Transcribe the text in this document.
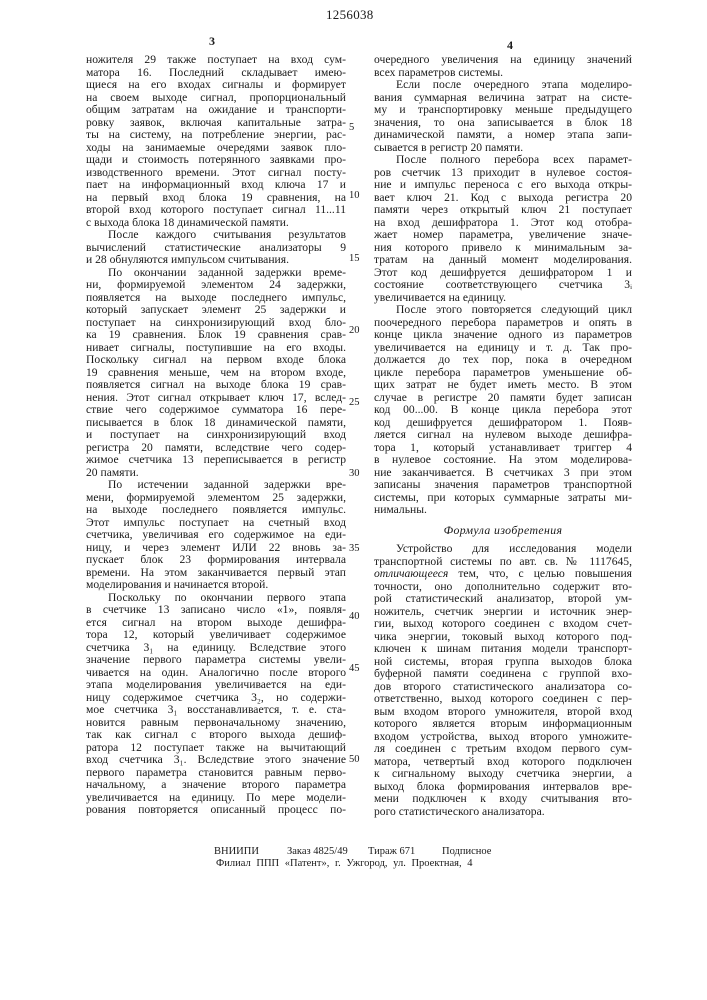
1256038
3	4
ножителя 29 также поступает на вход сум-
матора 16. Последний складывает имею-
щиеся на его входах сигналы и формирует
на своем выходе сигнал, пропорциональный
общим затратам на ожидание и транспорти-
ровку заявок, включая капитальные затра-
ты на систему, на потребление энергии, рас-
ходы на занимаемые очередями заявок пло-
щади и стоимость потерянного заявками про-
изводственного времени. Этот сигнал посту-
пает на информационный вход ключа 17 и
на первый вход блока 19 сравнения, на
второй вход которого поступает сигнал 11...11
с выхода блока 18 динамической памяти.
После каждого считывания результатов
вычислений статистические анализаторы 9
и 28 обнуляются импульсом считывания.
По окончании заданной задержки време-
ни, формируемой элементом 24 задержки,
появляется на выходе последнего импульс,
который запускает элемент 25 задержки и
поступает на синхронизирующий вход бло-
ка 19 сравнения. Блок 19 сравнения срав-
нивает сигналы, поступившие на его входы.
Поскольку сигнал на первом входе блока
19 сравнения меньше, чем на втором входе,
появляется сигнал на выходе блока 19 срав-
нения. Этот сигнал открывает ключ 17, вслед-
ствие чего содержимое сумматора 16 пере-
писывается в блок 18 динамической памяти,
и поступает на синхронизирующий вход
регистра 20 памяти, вследствие чего содер-
жимое счетчика 13 переписывается в регистр
20 памяти.
По истечении заданной задержки вре-
мени, формируемой элементом 25 задержки,
на выходе последнего появляется импульс.
Этот импульс поступает на счетный вход
счетчика, увеличивая его содержимое на еди-
ницу, и через элемент ИЛИ 22 вновь за-
пускает блок 23 формирования интервала
времени. На этом заканчивается первый этап
моделирования и начинается второй.
Поскольку по окончании первого этапа
в счетчике 13 записано число «1», появля-
ется сигнал на втором выходе дешифра-
тора 12, который увеличивает содержимое
счетчика 3₁ на единицу. Вследствие этого
значение первого параметра системы увели-
чивается на один. Аналогично после второго
этапа моделирования увеличивается на еди-
ницу содержимое счетчика 3₂, но содержи-
мое счетчика 3₁ восстанавливается, т. е. ста-
новится равным первоначальному значению,
так как сигнал с второго выхода дешиф-
ратора 12 поступает также на вычитающий
вход счетчика 3₁. Вследствие этого значение
первого параметра становится равным перво-
начальному, а значение второго параметра
увеличивается на единицу. По мере модели-
рования повторяется описанный процесс по-
очередного увеличения на единицу значений
всех параметров системы.
Если после очередного этапа моделиро-
вания суммарная величина затрат на систе-
му и транспортировку меньше предыдущего
значения, то она записывается в блок 18
динамической памяти, а номер этапа запи-
сывается в регистр 20 памяти.
После полного перебора всех парамет-
ров счетчик 13 приходит в нулевое состоя-
ние и импульс переноса с его выхода откры-
вает ключ 21. Код с выхода регистра 20
памяти через открытый ключ 21 поступает
на вход дешифратора 1. Этот код отобра-
жает номер параметра, увеличение значе-
ния которого привело к минимальным за-
тратам на данный момент моделирования.
Этот код дешифруется дешифратором 1 и
состояние соответствующего счетчика 3ᵢ
увеличивается на единицу.
После этого повторяется следующий цикл
поочередного перебора параметров и опять в
конце цикла значение одного из параметров
увеличивается на единицу и т. д. Так про-
должается до тех пор, пока в очередном
цикле перебора параметров уменьшение об-
щих затрат не будет иметь место. В этом
случае в регистре 20 памяти будет записан
код 00...00. В конце цикла перебора этот
код дешифруется дешифратором 1. Появ-
ляется сигнал на нулевом выходе дешифра-
тора 1, который устанавливает триггер 4
в нулевое состояние. На этом моделирова-
ние заканчивается. В счетчиках 3 при этом
записаны значения параметров транспортной
системы, при которых суммарные затраты ми-
нимальны.
Формула изобретения
Устройство для исследования модели
транспортной системы по авт. св. № 1117645,
отличающееся тем, что, с целью повышения
точности, оно дополнительно содержит вто-
рой статистический анализатор, второй ум-
ножитель, счетчик энергии и источник энер-
гии, выход которого соединен с входом счет-
чика энергии, токовый выход которого под-
ключен к шинам питания модели транспорт-
ной системы, вторая группа выходов блока
буферной памяти соединена с группой вхо-
дов второго статистического анализатора со-
ответственно, выход которого соединен с пер-
вым входом второго умножителя, второй вход
которого является вторым информационным
входом устройства, выход второго умножите-
ля соединен с третьим входом первого сум-
матора, четвертый вход которого подключен
к сигнальному выходу счетчика энергии, а
выход блока формирования интервалов вре-
мени подключен к входу считывания вто-
рого статистического анализатора.
5
10
15
20
25
30
35
40
45
50
ВНИИПИ	Заказ 4825/49 Тираж 671	Подписное
Филиал ППП «Патент», г. Ужгород, ул. Проектная, 4
